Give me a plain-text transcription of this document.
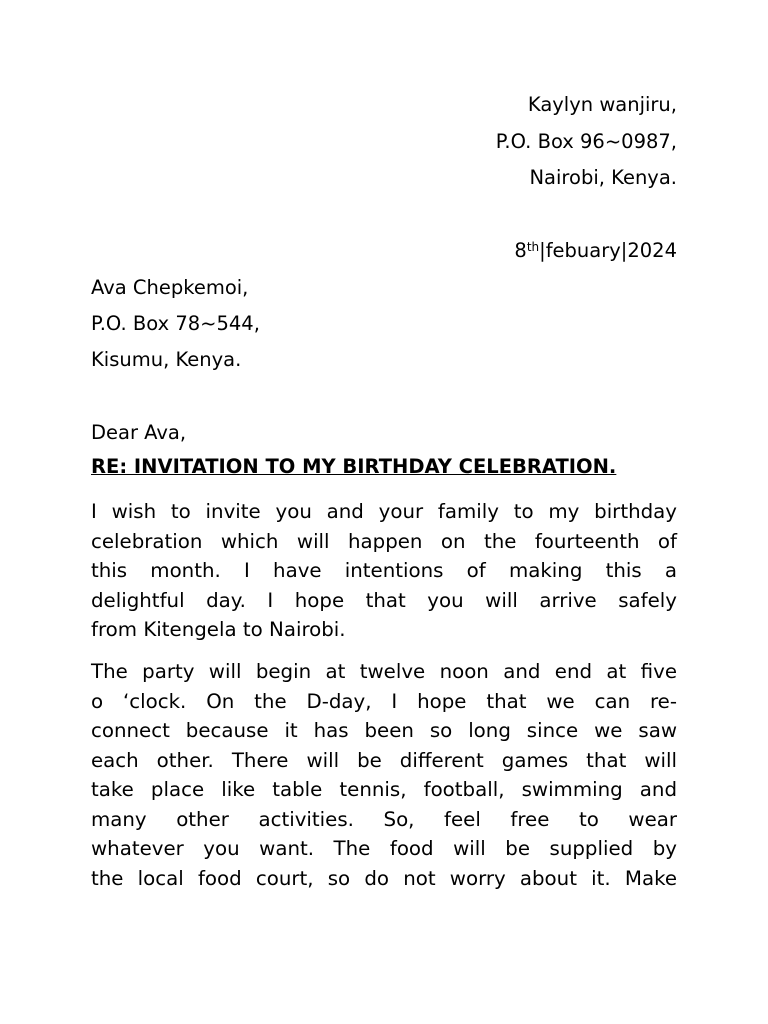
Kaylyn wanjiru,
P.O. Box 96~0987,
Nairobi, Kenya.
8th|febuary|2024
Ava Chepkemoi,
P.O. Box 78~544,
Kisumu, Kenya.
Dear Ava,
RE: INVITATION TO MY BIRTHDAY CELEBRATION.
I wish to invite you and your family to my birthday
celebration which will happen on the fourteenth of
this month. I have intentions of making this a
delightful day. I hope that you will arrive safely
from Kitengela to Nairobi.
The party will begin at twelve noon and end at five
o ‘clock. On the D-day, I hope that we can re-
connect because it has been so long since we saw
each other. There will be different games that will
take place like table tennis, football, swimming and
many other activities. So, feel free to wear
whatever you want. The food will be supplied by
the local food court, so do not worry about it. Make
